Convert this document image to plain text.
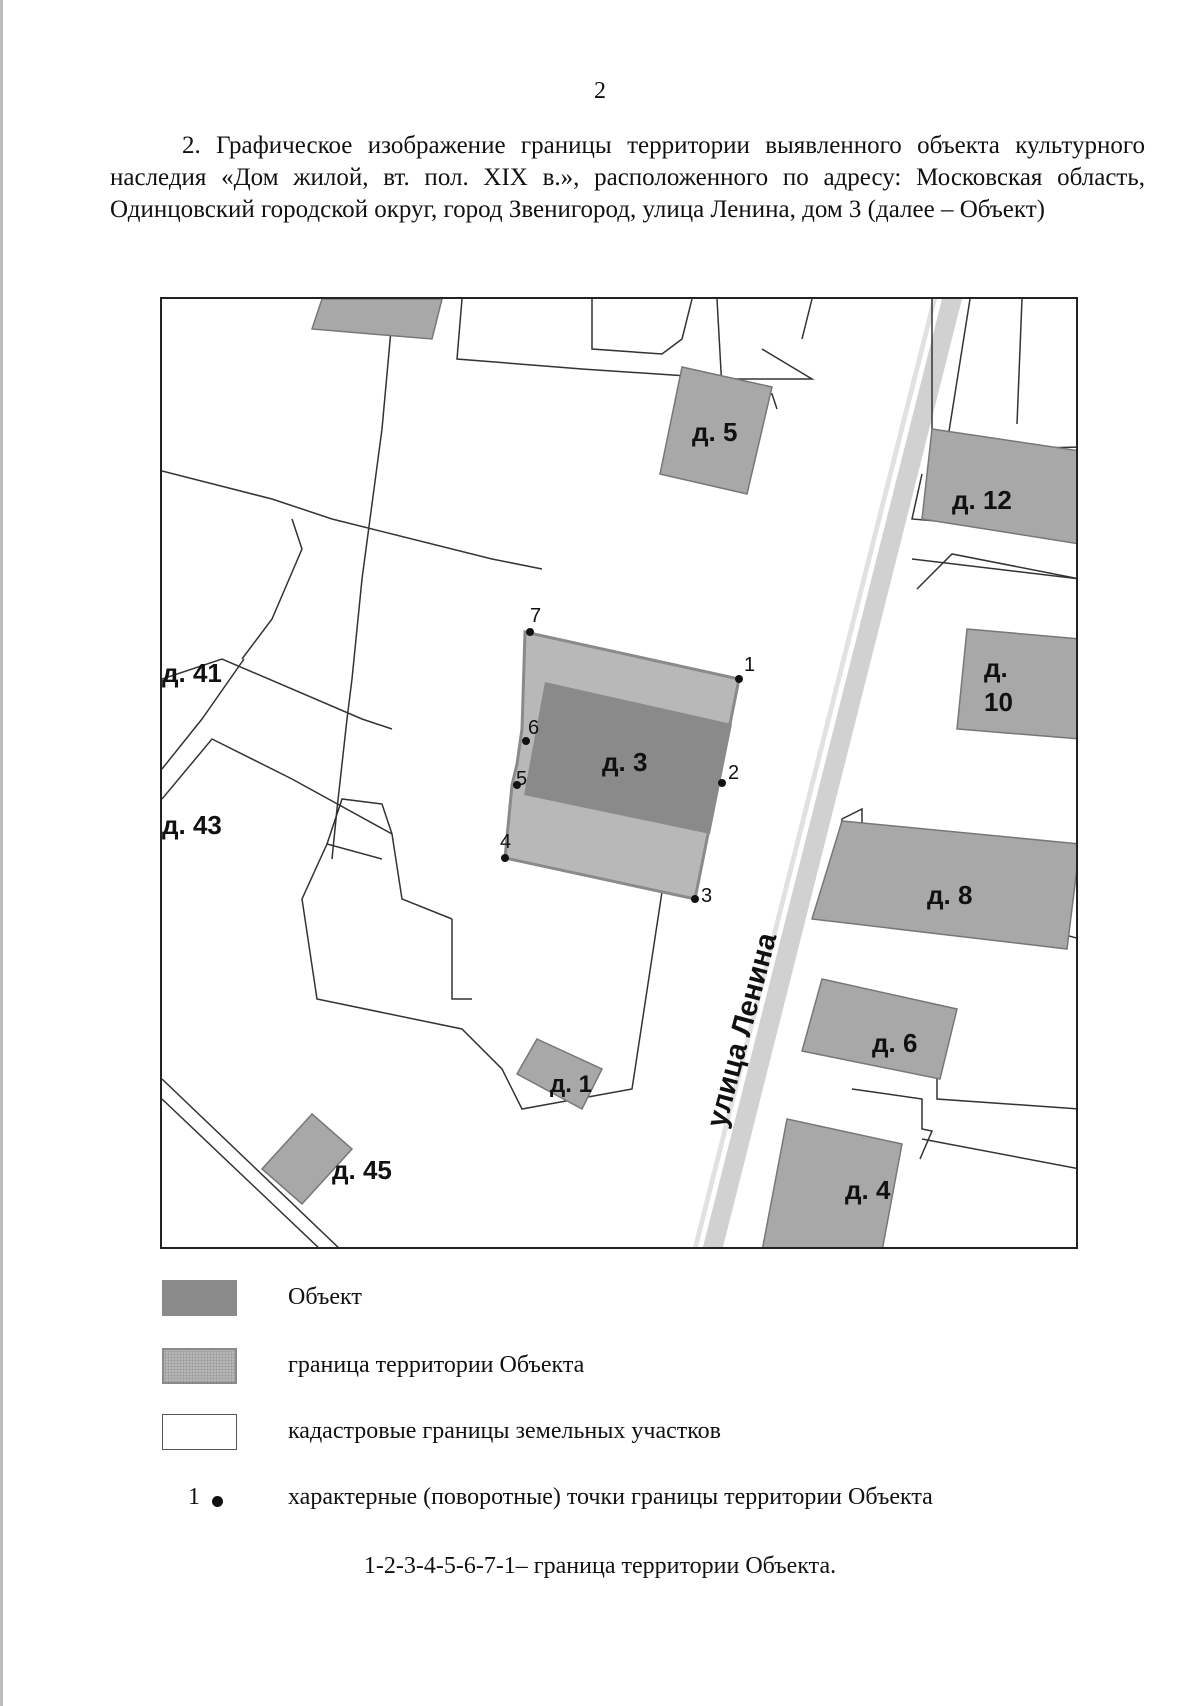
2

2. Графическое изображение границы территории выявленного объекта культурного наследия «Дом жилой, вт. пол. XIX в.», расположенного по адресу: Московская область, Одинцовский городской округ, город Звенигород, улица Ленина, дом 3 (далее – Объект)

1
2
3
4
5
6
7
д. 3
д. 5
д. 12
д.
10
д. 41
д. 43
д. 8
д. 6
д. 1
д. 45
д. 4
улица Ленина
Объект
граница территории Объекта
кадастровые границы земельных участков
1	характерные (поворотные) точки границы территории Объекта
1-2-3-4-5-6-7-1– граница территории Объекта.
